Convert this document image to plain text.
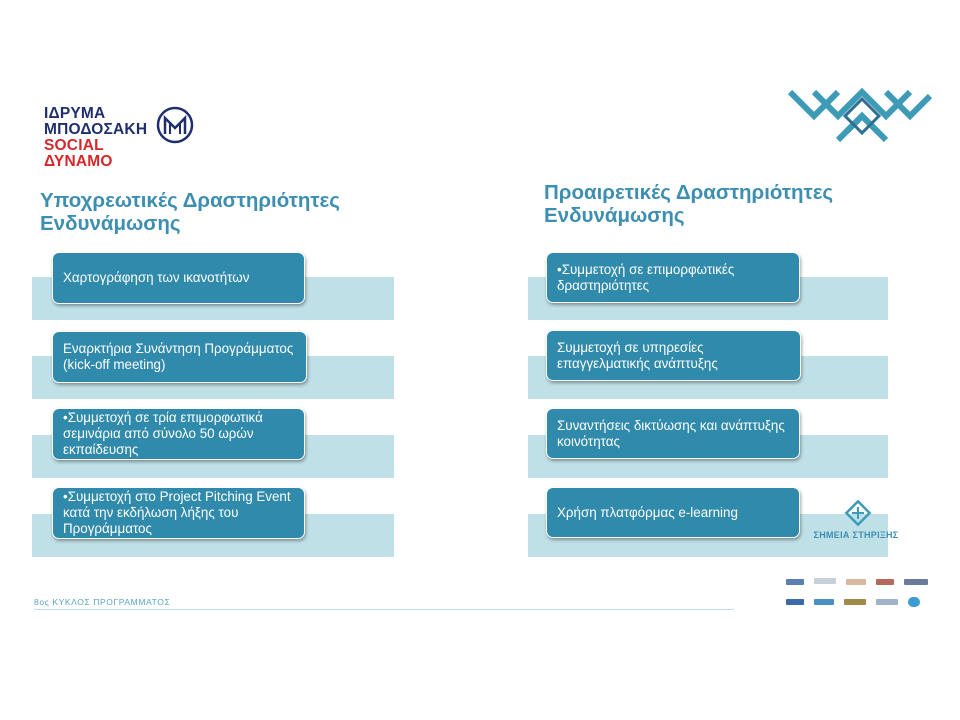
ΙΔΡΥΜΑ
ΜΠΟΔΟΣΑΚΗ
SOCIAL
ΔΥΝΑΜΟ
Υποχρεωτικές Δραστηριότητες Ενδυνάμωσης
Προαιρετικές Δραστηριότητες Ενδυνάμωσης
Χαρτογράφηση των ικανοτήτων
Εναρκτήρια Συνάντηση Προγράμματος (kick-off meeting)
•Συμμετοχή σε τρία επιμορφωτικά σεμινάρια από σύνολο 50 ωρών εκπαίδευσης
•Συμμετοχή στο Project Pitching Event κατά την εκδήλωση λήξης του Προγράμματος
•Συμμετοχή σε επιμορφωτικές δραστηριότητες
Συμμετοχή σε υπηρεσίες επαγγελματικής ανάπτυξης
Συναντήσεις δικτύωσης και ανάπτυξης κοινότητας
Χρήση πλατφόρμας e-learning
ΣΗΜΕΙΑ ΣΤΗΡΙΞΗΣ
8ος ΚΥΚΛΟΣ ΠΡΟΓΡΑΜΜΑΤΟΣ
